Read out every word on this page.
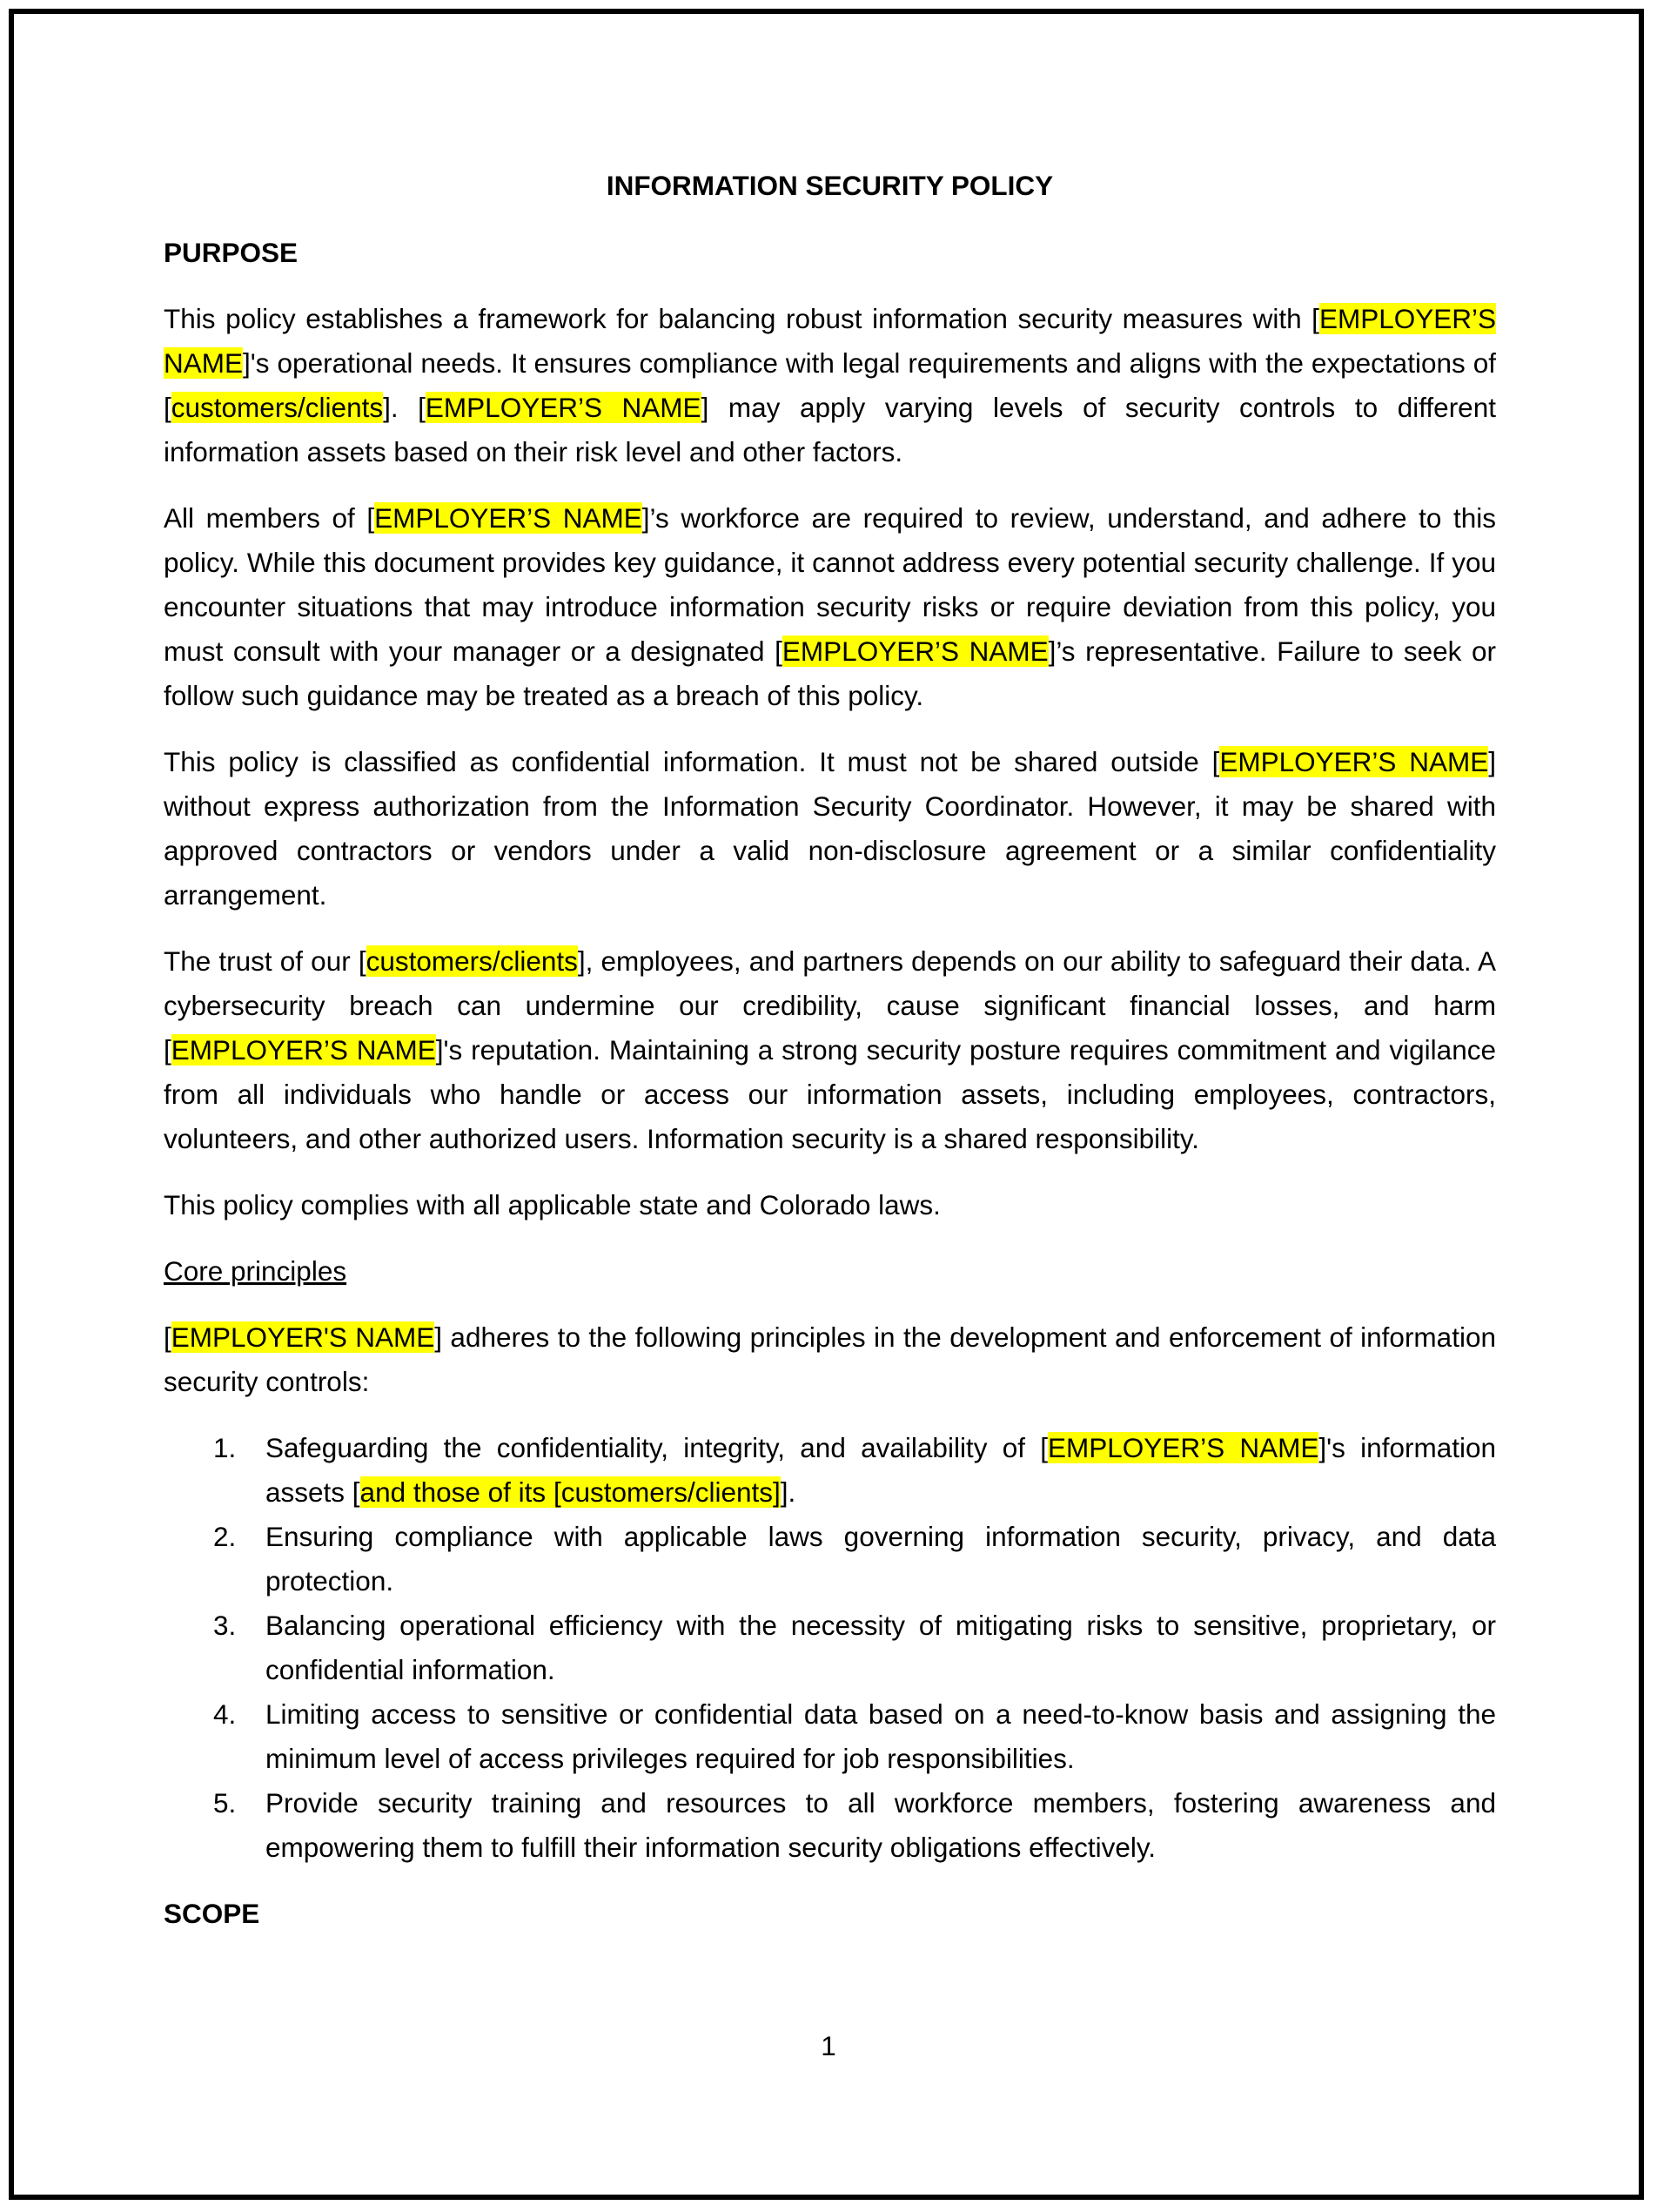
INFORMATION SECURITY POLICY
PURPOSE

This policy establishes a framework for balancing robust information security measures with [EMPLOYER’S NAME]'s operational needs. It ensures compliance with legal requirements and aligns with the expectations of [customers/clients]. [EMPLOYER’S NAME] may apply varying levels of security controls to different information assets based on their risk level and other factors.

All members of [EMPLOYER’S NAME]’s workforce are required to review, understand, and adhere to this policy. While this document provides key guidance, it cannot address every potential security challenge. If you encounter situations that may introduce information security risks or require deviation from this policy, you must consult with your manager or a designated [EMPLOYER’S NAME]’s representative. Failure to seek or follow such guidance may be treated as a breach of this policy.

This policy is classified as confidential information. It must not be shared outside [EMPLOYER’S NAME] without express authorization from the Information Security Coordinator. However, it may be shared with approved contractors or vendors under a valid non-disclosure agreement or a similar confidentiality arrangement.

The trust of our [customers/clients], employees, and partners depends on our ability to safeguard their data. A cybersecurity breach can undermine our credibility, cause significant financial losses, and harm [EMPLOYER’S NAME]'s reputation. Maintaining a strong security posture requires commitment and vigilance from all individuals who handle or access our information assets, including employees, contractors, volunteers, and other authorized users. Information security is a shared responsibility.

This policy complies with all applicable state and Colorado laws.

Core principles

[EMPLOYER'S NAME] adheres to the following principles in the development and enforcement of information security controls:

1. Safeguarding the confidentiality, integrity, and availability of [EMPLOYER’S NAME]'s information assets [and those of its [customers/clients]].
2. Ensuring compliance with applicable laws governing information security, privacy, and data protection.
3. Balancing operational efficiency with the necessity of mitigating risks to sensitive, proprietary, or confidential information.
4. Limiting access to sensitive or confidential data based on a need-to-know basis and assigning the minimum level of access privileges required for job responsibilities.
5. Provide security training and resources to all workforce members, fostering awareness and empowering them to fulfill their information security obligations effectively.
SCOPE
1
